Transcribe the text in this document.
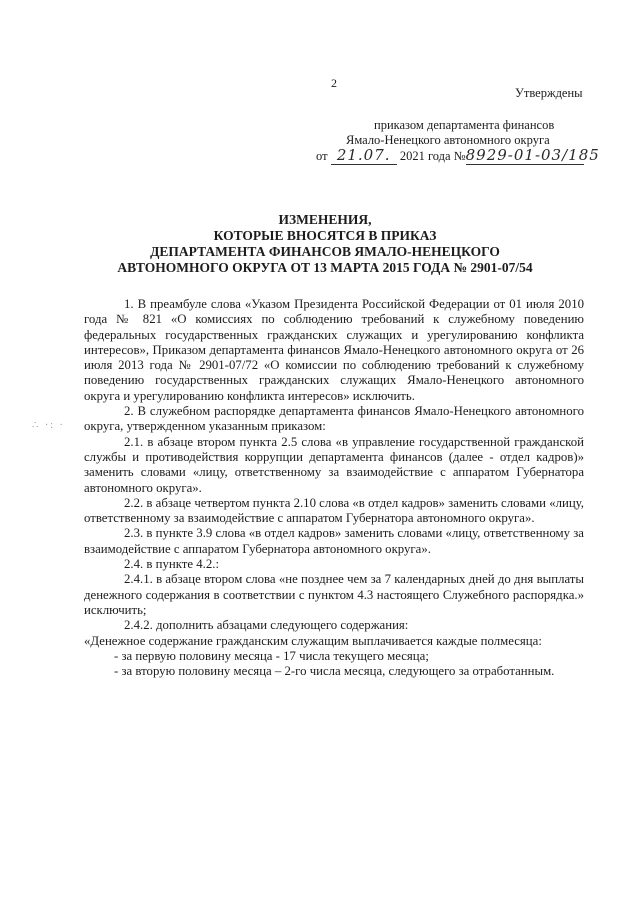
2
Утверждены
приказом департамента финансов
Ямало-Ненецкого автономного округа
от 21.07. 2021 года №8929-01-03/185
ИЗМЕНЕНИЯ,
КОТОРЫЕ ВНОСЯТСЯ В ПРИКАЗ
ДЕПАРТАМЕНТА ФИНАНСОВ ЯМАЛО-НЕНЕЦКОГО
АВТОНОМНОГО ОКРУГА ОТ 13 МАРТА 2015 ГОДА № 2901-07/54
∴ ·: ·

1. В преамбуле слова «Указом Президента Российской Федерации от 01 июля 2010 года № 821 «О комиссиях по соблюдению требований к служебному поведению федеральных государственных гражданских служащих и урегулированию конфликта интересов», Приказом департамента финансов Ямало-Ненецкого автономного округа от 26 июля 2013 года № 2901-07/72 «О комиссии по соблюдению требований к служебному поведению государственных гражданских служащих Ямало-Ненецкого автономного округа и урегулированию конфликта интересов» исключить.

2. В служебном распорядке департамента финансов Ямало-Ненецкого автономного округа, утвержденном указанным приказом:

2.1. в абзаце втором пункта 2.5 слова «в управление государственной гражданской службы и противодействия коррупции департамента финансов (далее - отдел кадров)» заменить словами «лицу, ответственному за взаимодействие с аппаратом Губернатора автономного округа».

2.2. в абзаце четвертом пункта 2.10 слова «в отдел кадров» заменить словами «лицу, ответственному за взаимодействие с аппаратом Губернатора автономного округа».

2.3. в пункте 3.9 слова «в отдел кадров» заменить словами «лицу, ответственному за взаимодействие с аппаратом Губернатора автономного округа».

2.4. в пункте 4.2.:

2.4.1. в абзаце втором слова «не позднее чем за 7 календарных дней до дня выплаты денежного содержания в соответствии с пунктом 4.3 настоящего Служебного распорядка.» исключить;

2.4.2. дополнить абзацами следующего содержания:

«Денежное содержание гражданским служащим выплачивается каждые полмесяца:

- за первую половину месяца - 17 числа текущего месяца;

- за вторую половину месяца – 2-го числа месяца, следующего за отработанным.
